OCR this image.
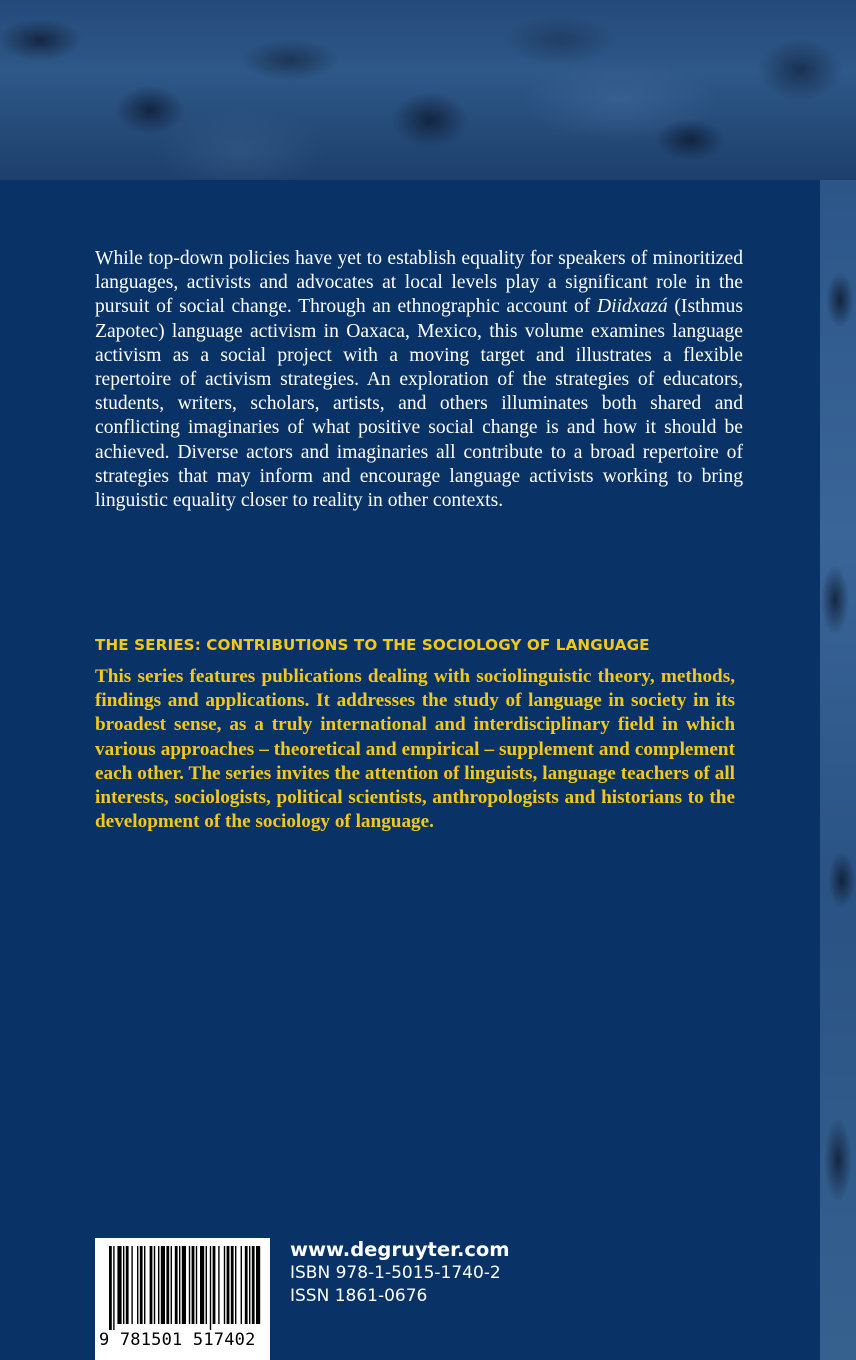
While top-down policies have yet to establish equality for speakers of minoritized languages, activists and advocates at local levels play a significant role in the pursuit of social change. Through an ethnographic account of Diidxazá (Isthmus Zapotec) language activism in Oaxaca, Mexico, this volume examines language activism as a social project with a moving target and illustrates a flexible repertoire of activism strategies. An exploration of the strategies of educators, students, writers, scholars, artists, and others illuminates both shared and conflicting imaginaries of what positive social change is and how it should be achieved. Diverse actors and imaginaries all contribute to a broad repertoire of strategies that may inform and encourage language activists working to bring linguistic equality closer to reality in other contexts.

THE SERIES: CONTRIBUTIONS TO THE SOCIOLOGY OF LANGUAGE

This series features publications dealing with sociolinguistic theory, methods, findings and applications. It addresses the study of language in society in its broadest sense, as a truly international and interdisciplinary field in which various approaches – theoretical and empirical – supplement and complement each other. The series invites the attention of linguists, language teachers of all interests, sociologists, political scientists, anthropologists and historians to the development of the sociology of language.

9 781501 517402

www.degruyter.com

ISBN 978-1-5015-1740-2

ISSN 1861-0676
